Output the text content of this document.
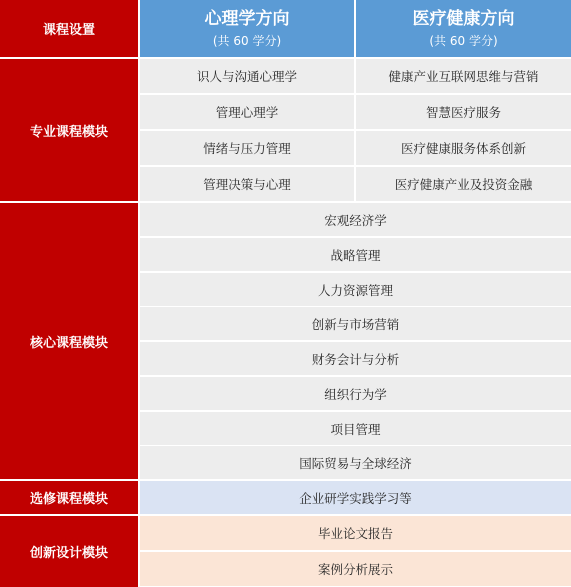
课程设置
心理学方向
(共 60 学分)
医疗健康方向
(共 60 学分)
专业课程模块
识人与沟通心理学
管理心理学
情绪与压力管理
管理决策与心理
健康产业互联网思维与营销
智慧医疗服务
医疗健康服务体系创新
医疗健康产业及投资金融
核心课程模块
宏观经济学
战略管理
人力资源管理
创新与市场营销
财务会计与分析
组织行为学
项目管理
国际贸易与全球经济
选修课程模块	企业研学实践学习等
创新设计模块
毕业论文报告
案例分析展示
